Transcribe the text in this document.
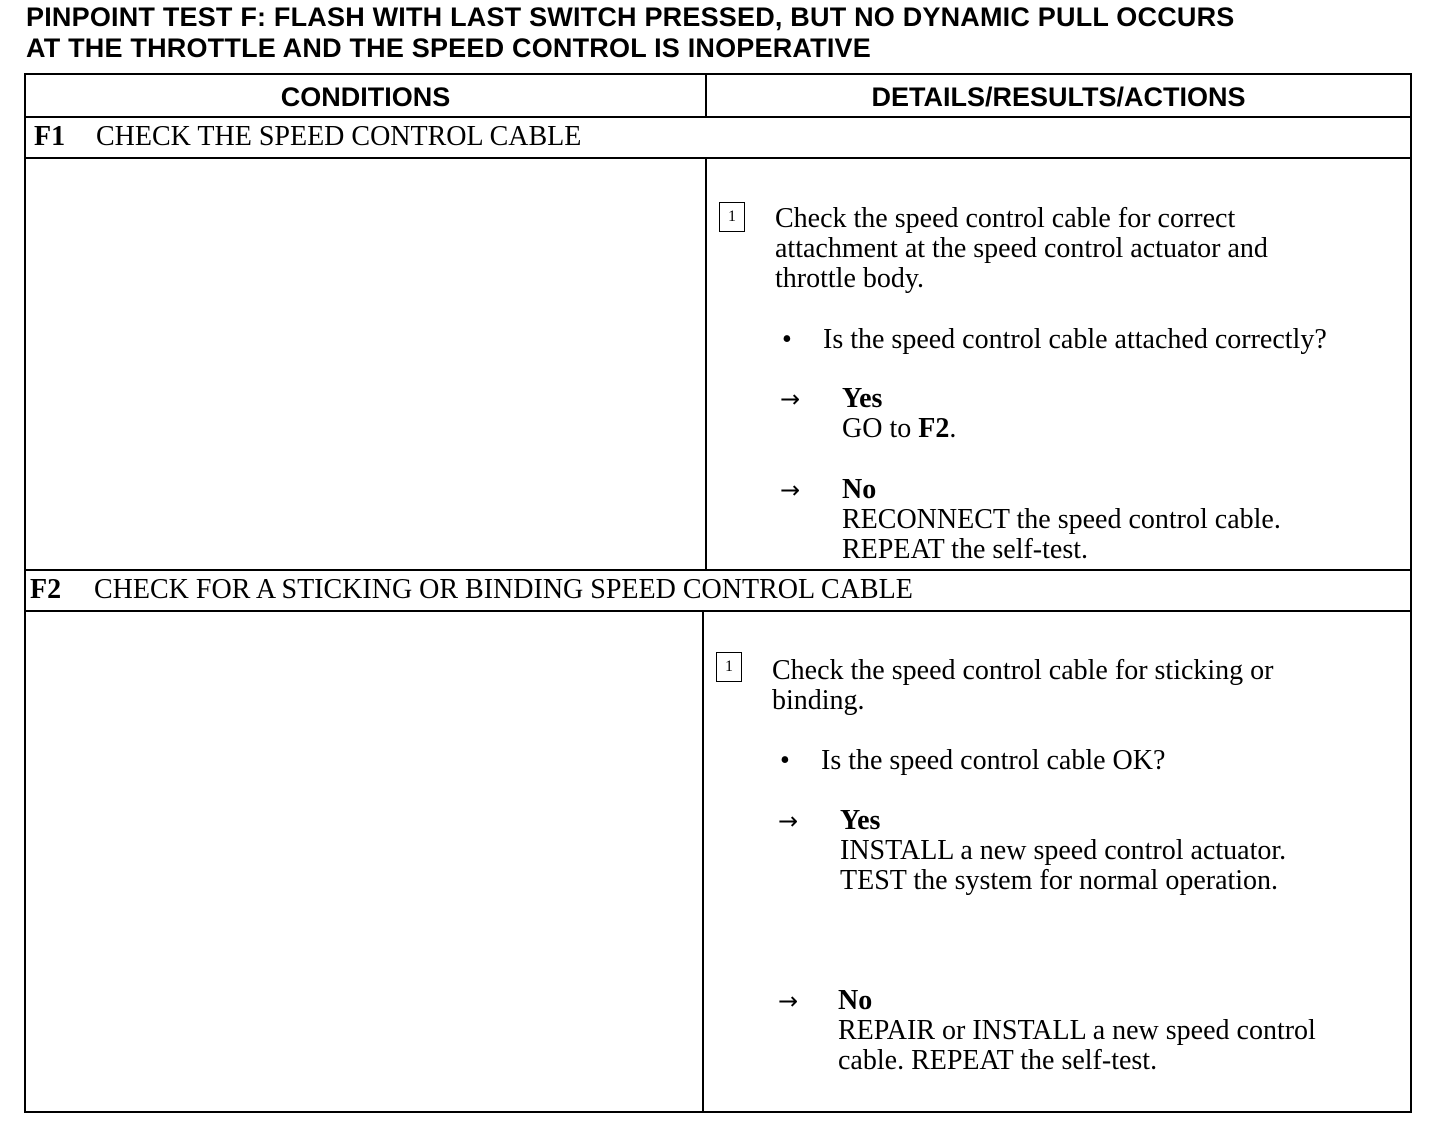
PINPOINT TEST F: FLASH WITH LAST SWITCH PRESSED, BUT NO DYNAMIC PULL OCCURS
AT THE THROTTLE AND THE SPEED CONTROL IS INOPERATIVE
CONDITIONS	DETAILS/RESULTS/ACTIONS
F1 CHECK THE SPEED CONTROL CABLE
1	Check the speed control cable for correct
attachment at the speed control actuator and
throttle body.
• Is the speed control cable attached correctly?
→ Yes
GO to F2.
→ No
RECONNECT the speed control cable.
REPEAT the self-test.
F2 CHECK FOR A STICKING OR BINDING SPEED CONTROL CABLE
1	Check the speed control cable for sticking or
binding.
• Is the speed control cable OK?
→ Yes
INSTALL a new speed control actuator.
TEST the system for normal operation.
→ No
REPAIR or INSTALL a new speed control
cable. REPEAT the self-test.
